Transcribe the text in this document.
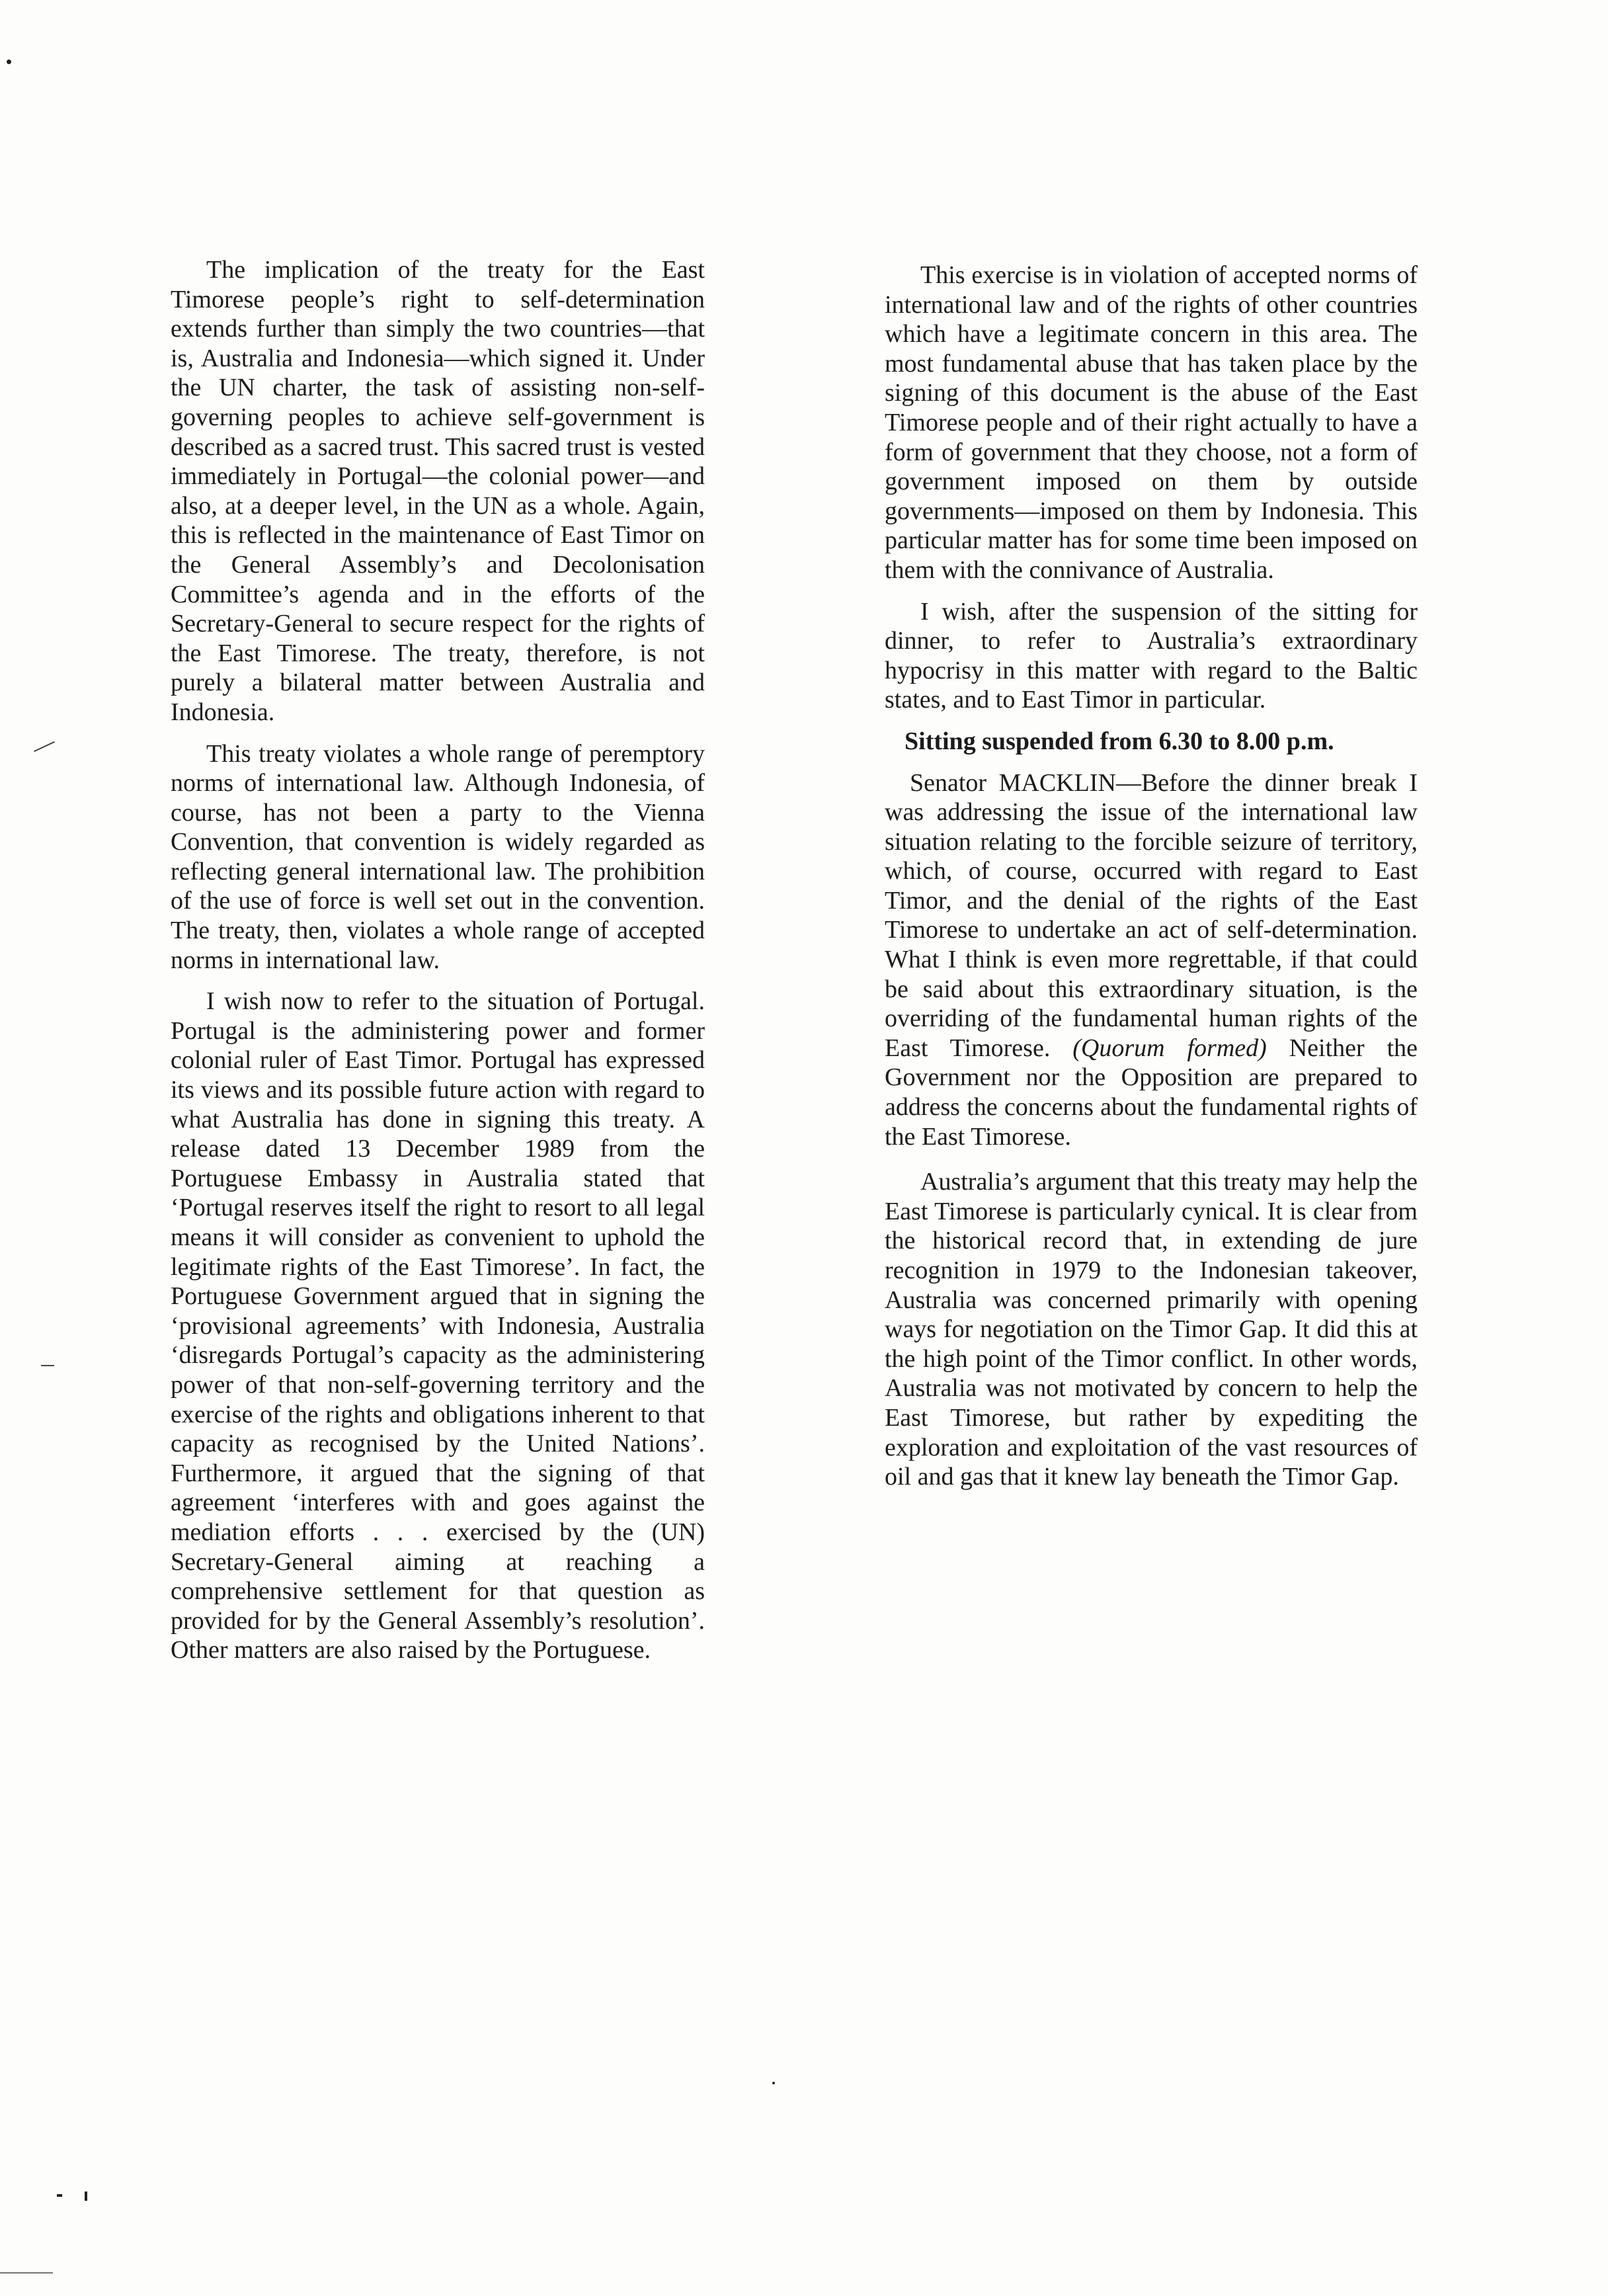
The implication of the treaty for the East Timorese people’s right to self-determination extends further than simply the two countries—that is, Australia and Indonesia—which signed it. Under the UN charter, the task of assisting non-self-governing peoples to achieve self-government is described as a sacred trust. This sacred trust is vested immediately in Portugal—the colonial power—and also, at a deeper level, in the UN as a whole. Again, this is reflected in the maintenance of East Timor on the General Assembly’s and Decolonisation Committee’s agenda and in the efforts of the Secretary-General to secure respect for the rights of the East Timorese. The treaty, therefore, is not purely a bilateral matter between Australia and Indonesia.

This treaty violates a whole range of peremptory norms of international law. Although Indonesia, of course, has not been a party to the Vienna Convention, that convention is widely regarded as reflecting general international law. The prohibition of the use of force is well set out in the convention. The treaty, then, violates a whole range of accepted norms in international law.

I wish now to refer to the situation of Portugal. Portugal is the administering power and former colonial ruler of East Timor. Portugal has expressed its views and its possible future action with regard to what Australia has done in signing this treaty. A release dated 13 December 1989 from the Portuguese Embassy in Australia stated that ‘Portugal reserves itself the right to resort to all legal means it will consider as convenient to uphold the legitimate rights of the East Timorese’. In fact, the Portuguese Government argued that in signing the ‘provisional agreements’ with Indonesia, Australia ‘disregards Portugal’s capacity as the administering power of that non-self-governing territory and the exercise of the rights and obligations inherent to that capacity as recognised by the United Nations’. Furthermore, it argued that the signing of that agreement ‘interferes with and goes against the mediation efforts . . . exercised by the (UN) Secretary-General aiming at reaching a comprehensive settlement for that question as provided for by the General Assembly’s resolution’. Other matters are also raised by the Portuguese.

This exercise is in violation of accepted norms of international law and of the rights of other countries which have a legitimate concern in this area. The most fundamental abuse that has taken place by the signing of this document is the abuse of the East Timorese people and of their right actually to have a form of government that they choose, not a form of government imposed on them by outside governments—imposed on them by Indonesia. This particular matter has for some time been imposed on them with the connivance of Australia.

I wish, after the suspension of the sitting for dinner, to refer to Australia’s extraordinary hypocrisy in this matter with regard to the Baltic states, and to East Timor in particular.

Sitting suspended from 6.30 to 8.00 p.m.

Senator MACKLIN—Before the dinner break I was addressing the issue of the international law situation relating to the forcible seizure of territory, which, of course, occurred with regard to East Timor, and the denial of the rights of the East Timorese to undertake an act of self-determination. What I think is even more regrettable, if that could be said about this extraordinary situation, is the overriding of the fundamental human rights of the East Timorese. (Quorum formed) Neither the Government nor the Opposition are prepared to address the concerns about the fundamental rights of the East Timorese.

Australia’s argument that this treaty may help the East Timorese is particularly cynical. It is clear from the historical record that, in extending de jure recognition in 1979 to the Indonesian takeover, Australia was concerned primarily with opening ways for negotiation on the Timor Gap. It did this at the high point of the Timor conflict. In other words, Australia was not motivated by concern to help the East Timorese, but rather by expediting the exploration and exploitation of the vast resources of oil and gas that it knew lay beneath the Timor Gap.
